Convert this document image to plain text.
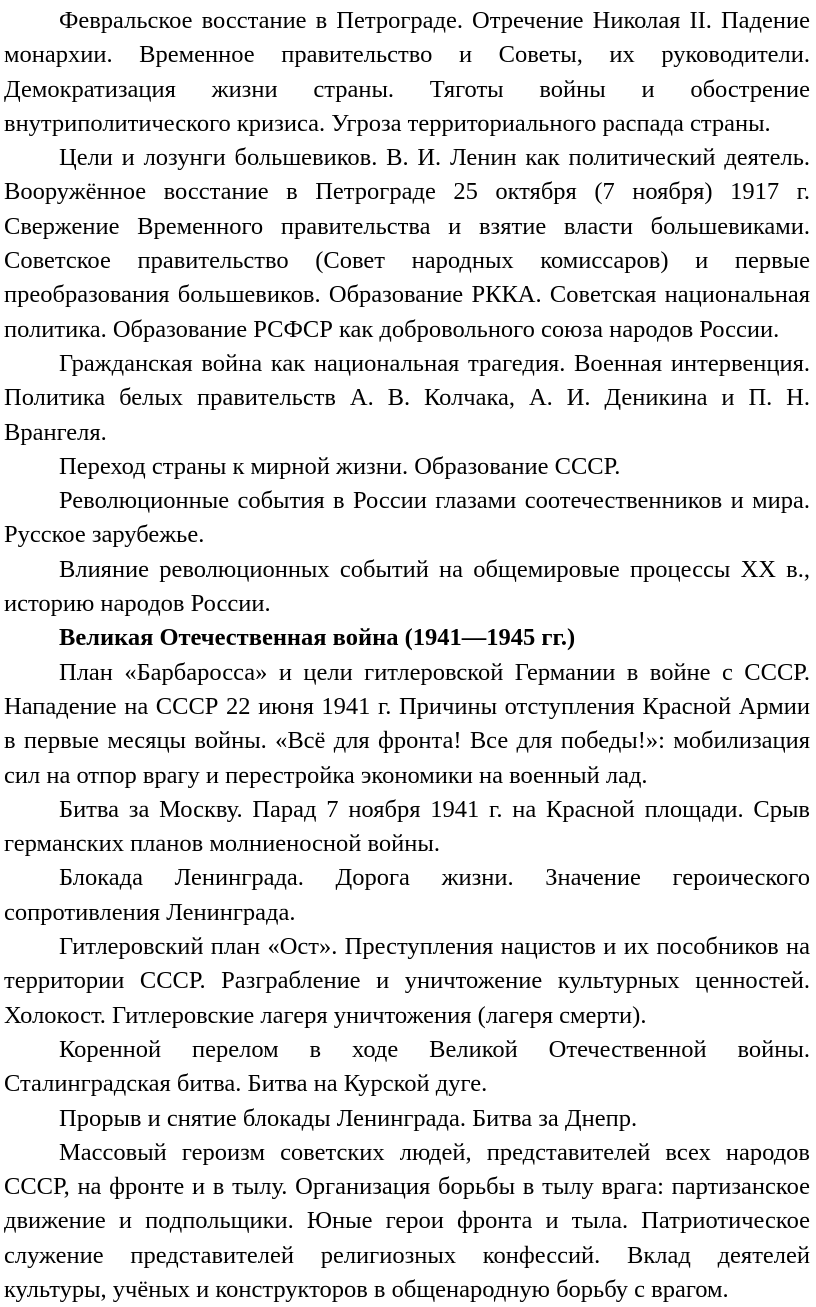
Февральское восстание в Петрограде. Отречение Николая II. Падение монархии. Временное правительство и Советы, их руководители. Демократизация жизни страны. Тяготы войны и обострение внутриполитического кризиса. Угроза территориального распада страны.

Цели и лозунги большевиков. В. И. Ленин как политический деятель. Вооружённое восстание в Петрограде 25 октября (7 ноября) 1917 г. Свержение Временного правительства и взятие власти большевиками. Советское правительство (Совет народных комиссаров) и первые преобразования большевиков. Образование РККА. Советская национальная политика. Образование РСФСР как добровольного союза народов России.

Гражданская война как национальная трагедия. Военная интервенция. Политика белых правительств А. В. Колчака, А. И. Деникина и П. Н. Врангеля.

Переход страны к мирной жизни. Образование СССР.

Революционные события в России глазами соотечественников и мира. Русское зарубежье.

Влияние революционных событий на общемировые процессы XX в., историю народов России.

Великая Отечественная война (1941—1945 гг.)

План «Барбаросса» и цели гитлеровской Германии в войне с СССР. Нападение на СССР 22 июня 1941 г. Причины отступления Красной Армии в первые месяцы войны. «Всё для фронта! Все для победы!»: мобилизация сил на отпор врагу и перестройка экономики на военный лад.

Битва за Москву. Парад 7 ноября 1941 г. на Красной площади. Срыв германских планов молниеносной войны.

Блокада Ленинграда. Дорога жизни. Значение героического сопротивления Ленинграда.

Гитлеровский план «Ост». Преступления нацистов и их пособников на территории СССР. Разграбление и уничтожение культурных ценностей. Холокост. Гитлеровские лагеря уничтожения (лагеря смерти).

Коренной перелом в ходе Великой Отечественной войны. Сталинградская битва. Битва на Курской дуге.

Прорыв и снятие блокады Ленинграда. Битва за Днепр.

Массовый героизм советских людей, представителей всех народов СССР, на фронте и в тылу. Организация борьбы в тылу врага: партизанское движение и подпольщики. Юные герои фронта и тыла. Патриотическое служение представителей религиозных конфессий. Вклад деятелей культуры, учёных и конструкторов в общенародную борьбу с врагом.
